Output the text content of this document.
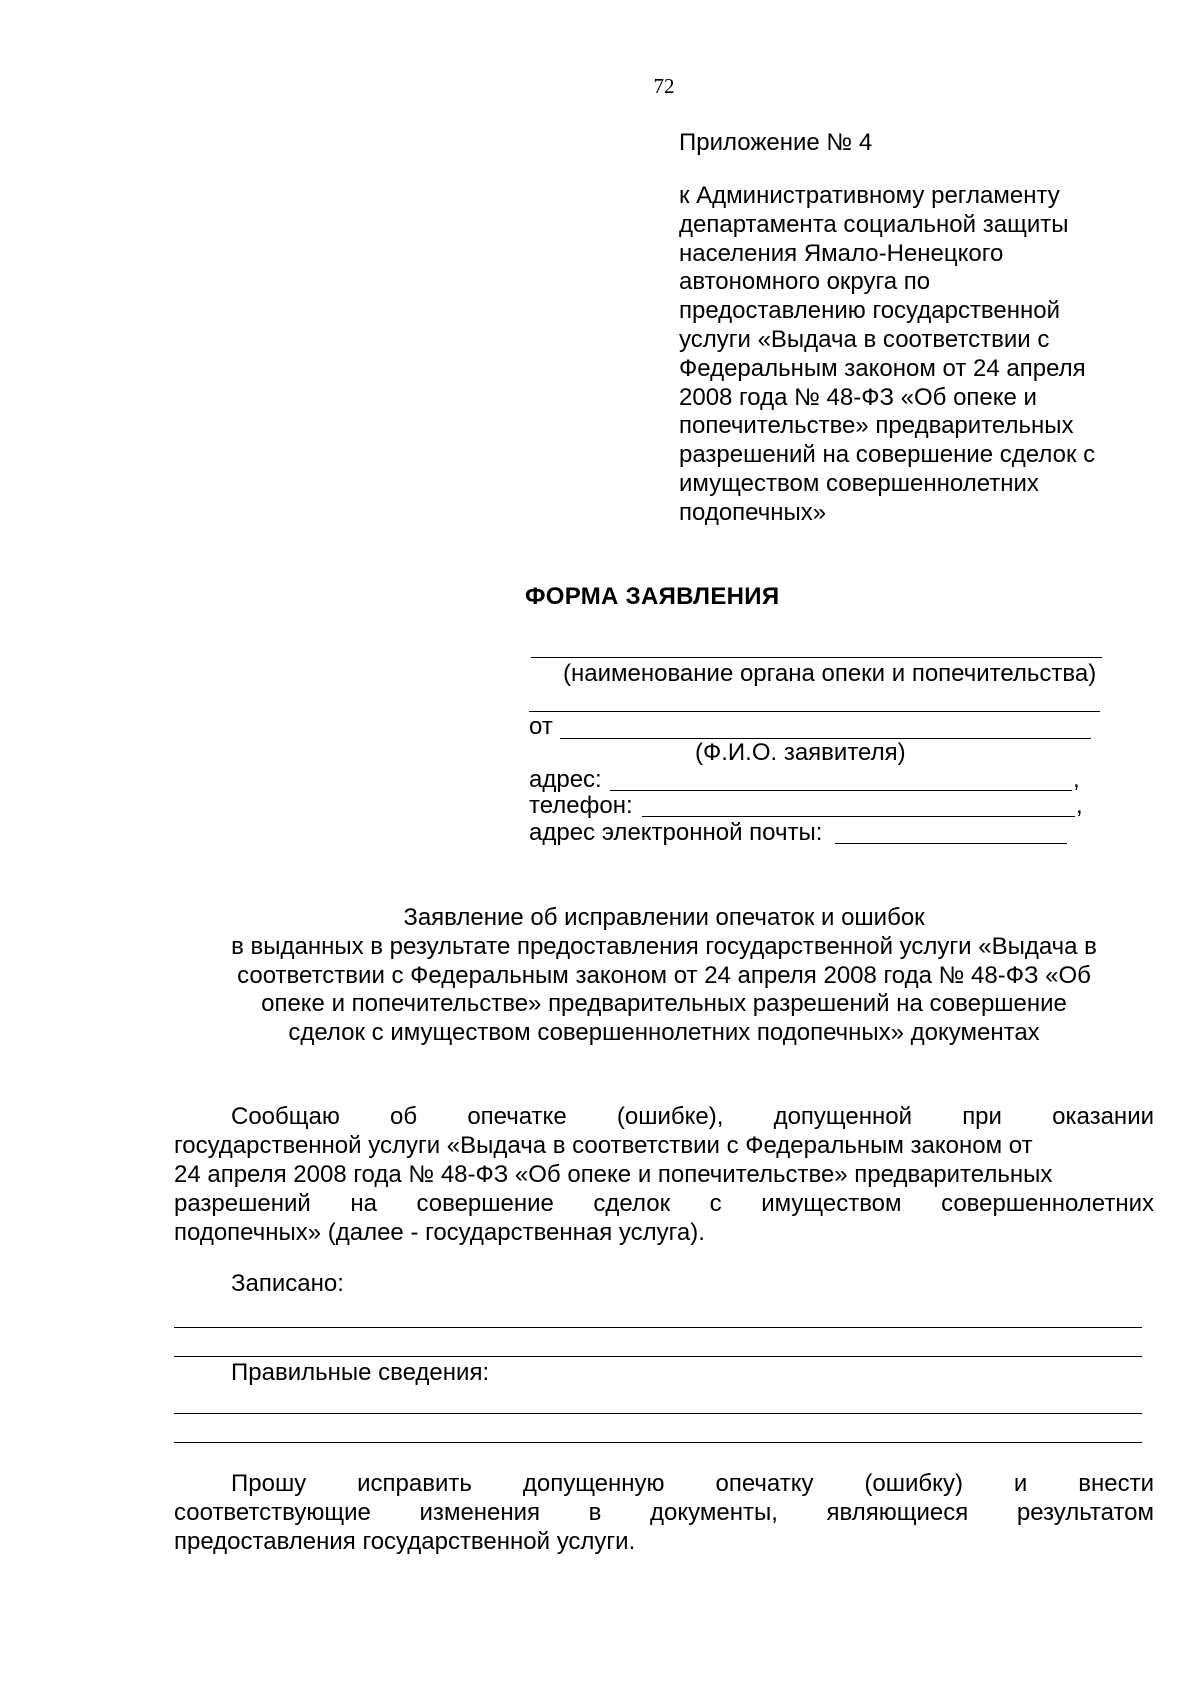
72
Приложение № 4
к Административному регламенту
департамента социальной защиты
населения Ямало-Ненецкого
автономного округа по
предоставлению государственной
услуги «Выдача в соответствии с
Федеральным законом от 24 апреля
2008 года № 48-ФЗ «Об опеке и
попечительстве» предварительных
разрешений на совершение сделок с
имуществом совершеннолетних
подопечных»
ФОРМА ЗАЯВЛЕНИЯ
(наименование органа опеки и попечительства)
от
(Ф.И.О. заявителя)
адрес:	,
телефон:	,
адрес электронной почты:
Заявление об исправлении опечаток и ошибок
в выданных в результате предоставления государственной услуги «Выдача в
соответствии с Федеральным законом от 24 апреля 2008 года № 48-ФЗ «Об
опеке и попечительстве» предварительных разрешений на совершение
сделок с имуществом совершеннолетних подопечных» документах
Сообщаю об опечатке (ошибке), допущенной при оказании
государственной услуги «Выдача в соответствии с Федеральным законом от
24 апреля 2008 года № 48-ФЗ «Об опеке и попечительстве» предварительных
разрешений на совершение сделок с имуществом совершеннолетних
подопечных» (далее - государственная услуга).
Записано:
Правильные сведения:
Прошу исправить допущенную опечатку (ошибку) и внести
соответствующие изменения в документы, являющиеся результатом
предоставления государственной услуги.
